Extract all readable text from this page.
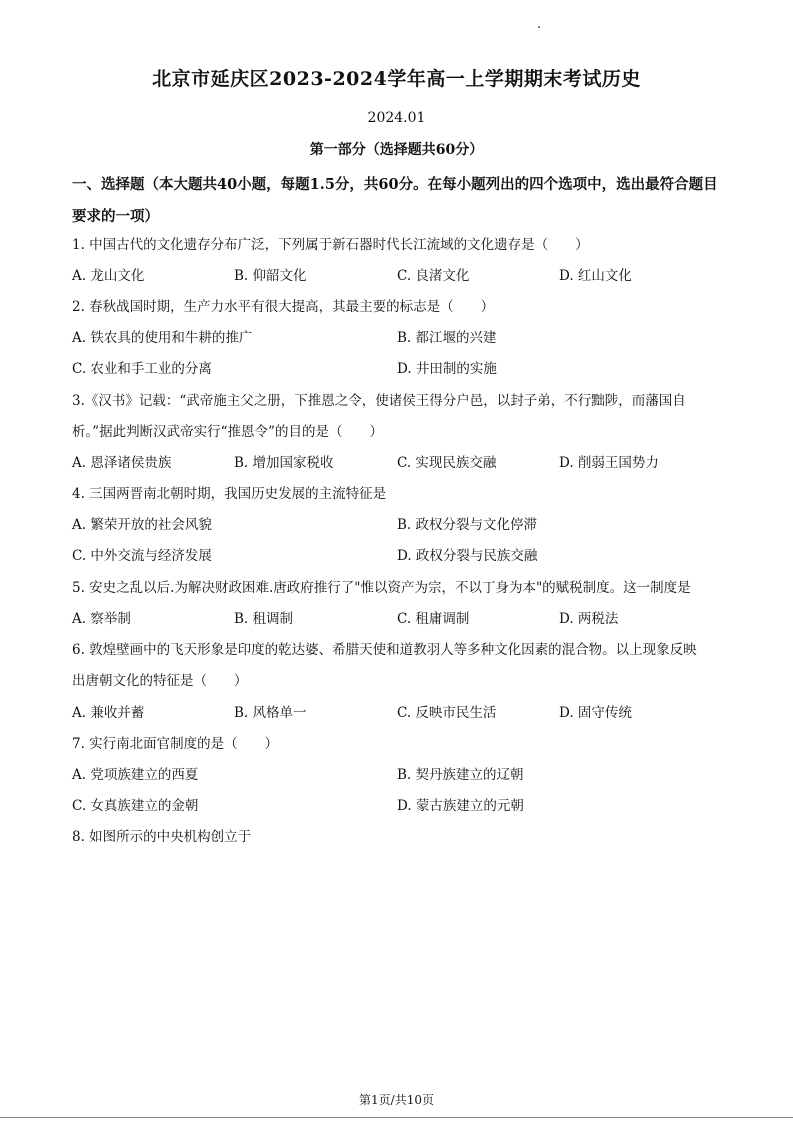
北京市延庆区2023-2024学年高一上学期期末考试历史
2024.01
第一部分（选择题共60分）
一、选择题（本大题共40小题，每题1.5分，共60分。在每小题列出的四个选项中，选出最符合题目要求的一项）
1. 中国古代的文化遗存分布广泛，下列属于新石器时代长江流域的文化遗存是（　　）
A. 龙山文化	B. 仰韶文化	C. 良渚文化	D. 红山文化
2. 春秋战国时期，生产力水平有很大提高，其最主要的标志是（　　）
A. 铁农具的使用和牛耕的推广	B. 都江堰的兴建
C. 农业和手工业的分离	D. 井田制的实施
3.《汉书》记载：“武帝施主父之册，下推恩之令，使诸侯王得分户邑，以封子弟，不行黜陟，而藩国自
析。”据此判断汉武帝实行“推恩令”的目的是（　　）
A. 恩泽诸侯贵族	B. 增加国家税收	C. 实现民族交融	D. 削弱王国势力
4. 三国两晋南北朝时期，我国历史发展的主流特征是
A. 繁荣开放的社会风貌	B. 政权分裂与文化停滞
C. 中外交流与经济发展	D. 政权分裂与民族交融
5. 安史之乱以后.为解决财政困难.唐政府推行了"惟以资产为宗，不以丁身为本"的赋税制度。这一制度是
A. 察举制	B. 租调制	C. 租庸调制	D. 两税法
6. 敦煌壁画中的飞天形象是印度的乾达婆、希腊天使和道教羽人等多种文化因素的混合物。以上现象反映
出唐朝文化的特征是（　　）
A. 兼收并蓄	B. 风格单一	C. 反映市民生活	D. 固守传统
7. 实行南北面官制度的是（　　）
A. 党项族建立的西夏	B. 契丹族建立的辽朝
C. 女真族建立的金朝	D. 蒙古族建立的元朝
8. 如图所示的中央机构创立于
第1页/共10页
